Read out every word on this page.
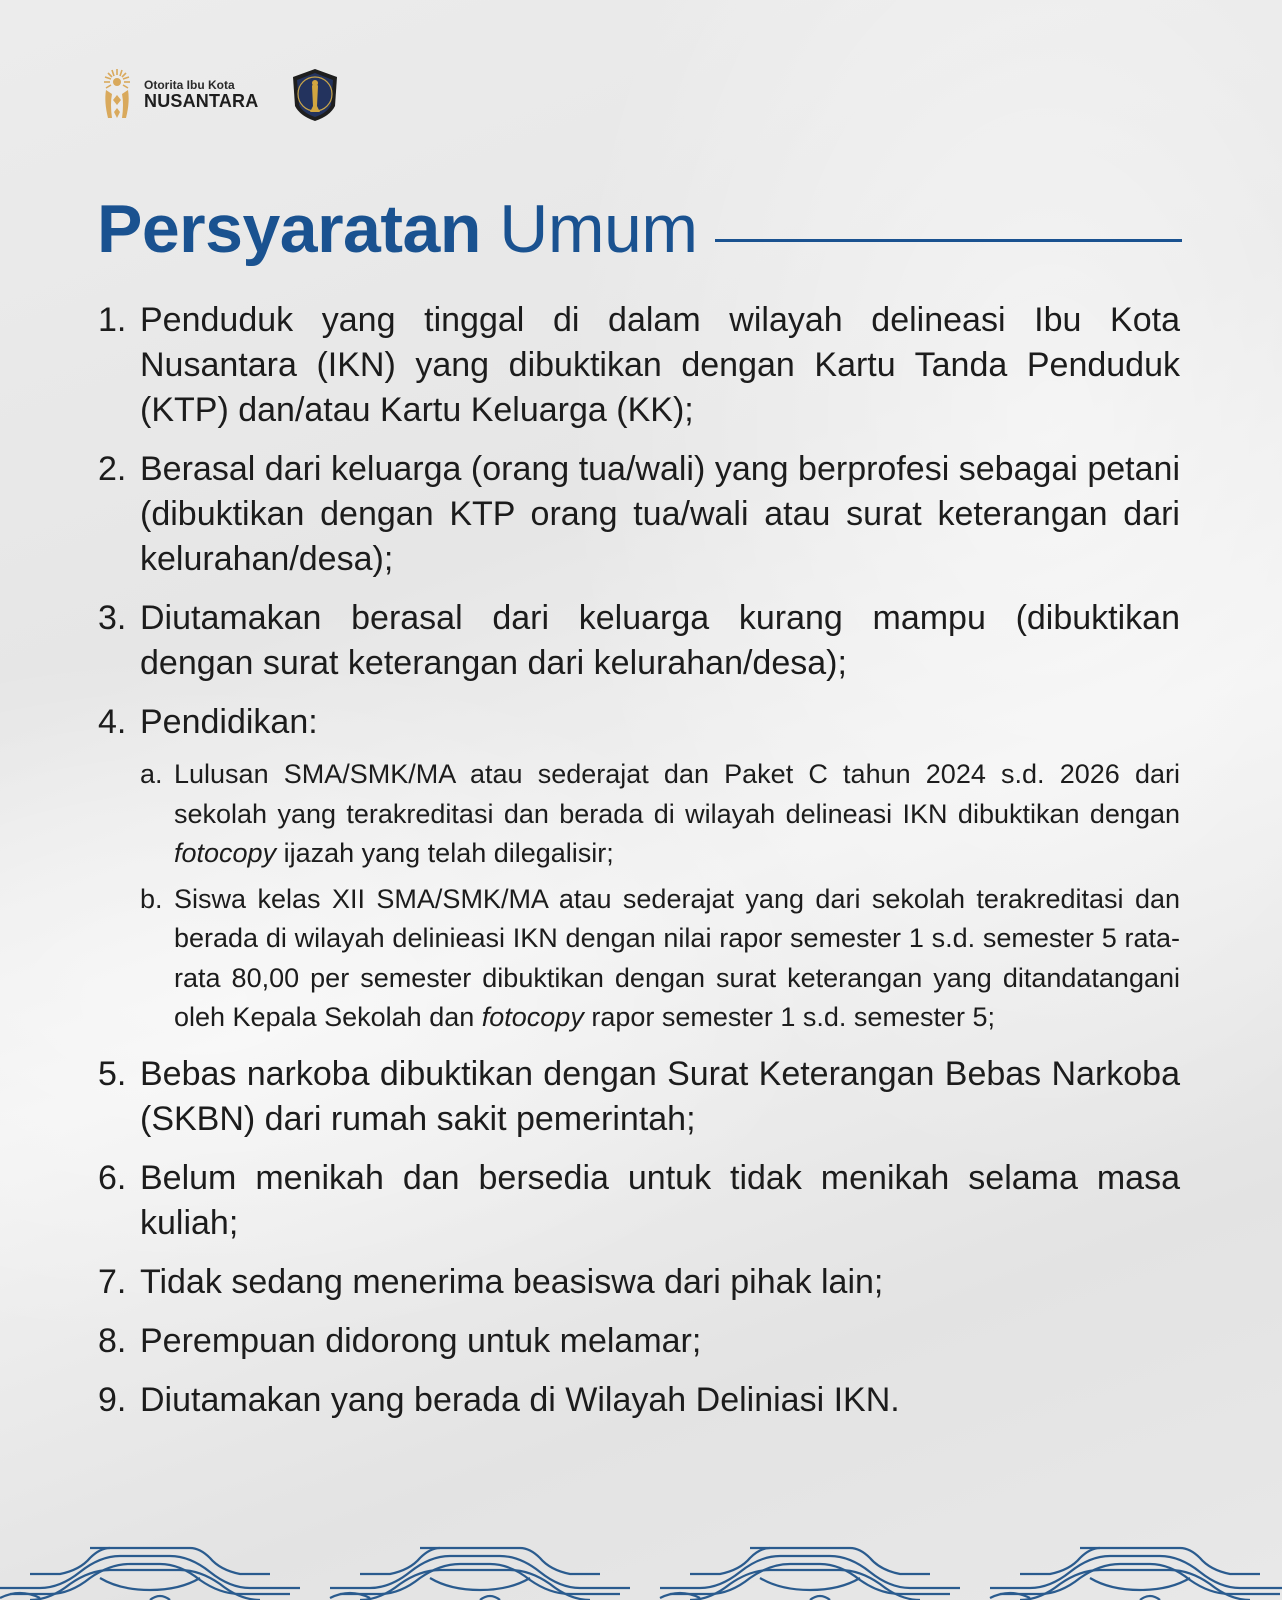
Otorita Ibu Kota
NUSANTARA
Persyaratan Umum
1. Penduduk yang tinggal di dalam wilayah delineasi Ibu Kota Nusantara (IKN) yang dibuktikan dengan Kartu Tanda Penduduk (KTP) dan/atau Kartu Keluarga (KK);
2. Berasal dari keluarga (orang tua/wali) yang berprofesi sebagai petani (dibuktikan dengan KTP orang tua/wali atau surat keterangan dari kelurahan/desa);
3. Diutamakan berasal dari keluarga kurang mampu (dibuktikan dengan surat keterangan dari kelurahan/desa);
4. Pendidikan:
a. Lulusan SMA/SMK/MA atau sederajat dan Paket C tahun 2024 s.d. 2026 dari sekolah yang terakreditasi dan berada di wilayah delineasi IKN dibuktikan dengan fotocopy ijazah yang telah dilegalisir;
b. Siswa kelas XII SMA/SMK/MA atau sederajat yang dari sekolah terakreditasi dan berada di wilayah delinieasi IKN dengan nilai rapor semester 1 s.d. semester 5 rata-rata 80,00 per semester dibuktikan dengan surat keterangan yang ditandatangani oleh Kepala Sekolah dan fotocopy rapor semester 1 s.d. semester 5;
5. Bebas narkoba dibuktikan dengan Surat Keterangan Bebas Narkoba (SKBN) dari rumah sakit pemerintah;
6. Belum menikah dan bersedia untuk tidak menikah selama masa kuliah;
7. Tidak sedang menerima beasiswa dari pihak lain;
8. Perempuan didorong untuk melamar;
9. Diutamakan yang berada di Wilayah Deliniasi IKN.
